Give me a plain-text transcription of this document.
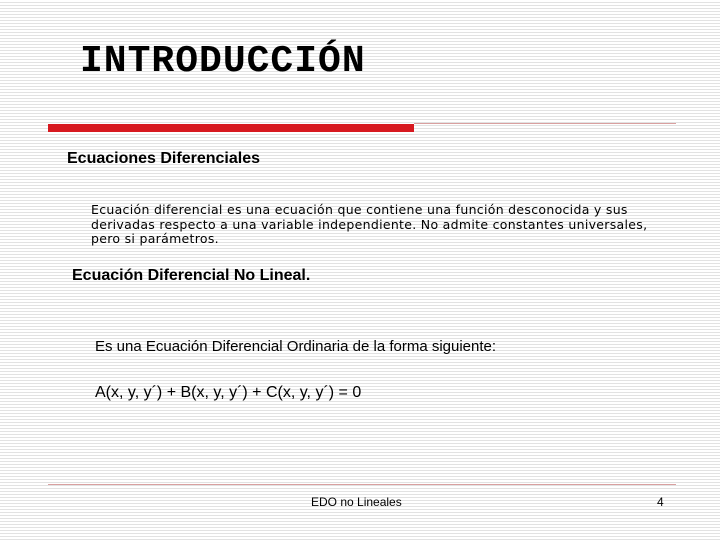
INTRODUCCIÓN
Ecuaciones Diferenciales
Ecuación diferencial es una ecuación que contiene una función desconocida y sus derivadas respecto a una variable independiente. No admite constantes universales, pero si parámetros.
Ecuación Diferencial No Lineal.
Es una Ecuación Diferencial Ordinaria de la forma siguiente:
A(x, y, y´) + B(x, y, y´) + C(x, y, y´) = 0
EDO no Lineales	4
